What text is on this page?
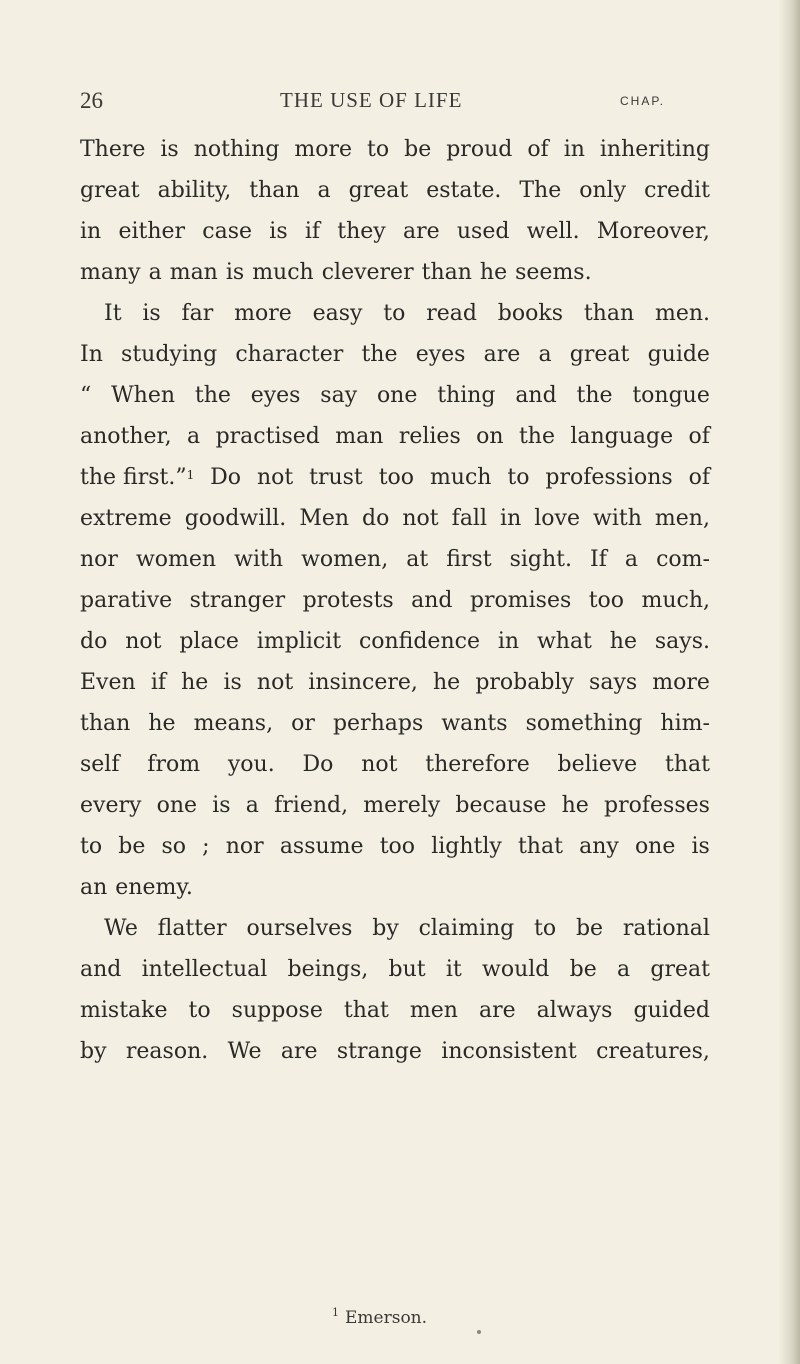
26	THE USE OF LIFE	CHAP.
There is nothing more to be proud of in inheriting
great ability, than a great estate. The only credit
in either case is if they are used well. Moreover,
many a man is much cleverer than he seems.
It is far more easy to read books than men.
In studying character the eyes are a great guide
“ When the eyes say one thing and the tongue
another, a practised man relies on the language of
the first.”$^1$ Do not trust too much to professions of
extreme goodwill. Men do not fall in love with men,
nor women with women, at first sight. If a com-
parative stranger protests and promises too much,
do not place implicit confidence in what he says.
Even if he is not insincere, he probably says more
than he means, or perhaps wants something him-
self from you. Do not therefore believe that
every one is a friend, merely because he professes
to be so ; nor assume too lightly that any one is
an enemy.
We flatter ourselves by claiming to be rational
and intellectual beings, but it would be a great
mistake to suppose that men are always guided
by reason. We are strange inconsistent creatures,
$^1$ Emerson.
